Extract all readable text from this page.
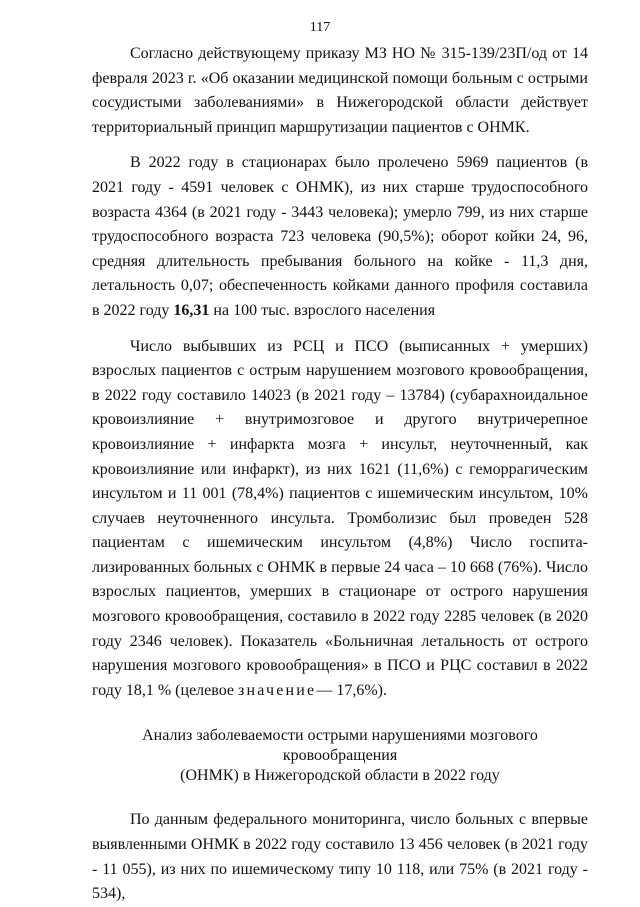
117

Согласно действующему приказу МЗ НО № 315-139/23П/од от 14 февраля 2023 г. «Об оказании медицинской помощи больным с острыми сосудистыми заболеваниями» в Нижегородской области действует территориальный принцип маршрутизации пациентов с ОНМК.

В 2022 году в стационарах было пролечено 5969 пациентов (в 2021 году - 4591 человек с ОНМК), из них старше трудоспособного возраста 4364 (в 2021 году - 3443 человека); умерло 799, из них старше трудоспособного возраста 723 человека (90,5%); оборот койки 24, 96, средняя длительность пребывания больного на койке - 11,3 дня, летальность 0,07; обеспеченность койками данного профиля составила в 2022 году 16,31 на 100 тыс. взрослого населения

Число выбывших из РСЦ и ПСО (выписанных + умерших) взрослых пациентов с острым нарушением мозгового кровообращения, в 2022 году составило 14023 (в 2021 году – 13784) (субарахноидальное кровоизлияние + внутримозговое и другого внутричерепное кровоизлияние + инфаркта мозга + инсульт, неуточненный, как кровоизлияние или инфаркт), из них 1621 (11,6%) с геморрагическим инсультом и 11 001 (78,4%) пациентов с ишемическим инсультом, 10% случаев неуточненного инсульта. Тромболизис был проведен 528 пациентам с ишемическим инсультом (4,8%) Число госпитализированных больных с ОНМК в первые 24 часа – 10 668 (76%). Число взрослых пациентов, умерших в стационаре от острого нарушения мозгового кровообращения, составило в 2022 году 2285 человек (в 2020 году 2346 человек). Показатель «Больничная летальность от острого нарушения мозгового кровообращения» в ПСО и РЦС составил в 2022 году 18,1 % (целевое значение— 17,6%).

Анализ заболеваемости острыми нарушениями мозгового кровообращения
(ОНМК) в Нижегородской области в 2022 году

По данным федерального мониторинга, число больных с впервые выявленными ОНМК в 2022 году составило 13 456 человек (в 2021 году - 11 055), из них по ишемическому типу 10 118, или 75% (в 2021 году - 534),
